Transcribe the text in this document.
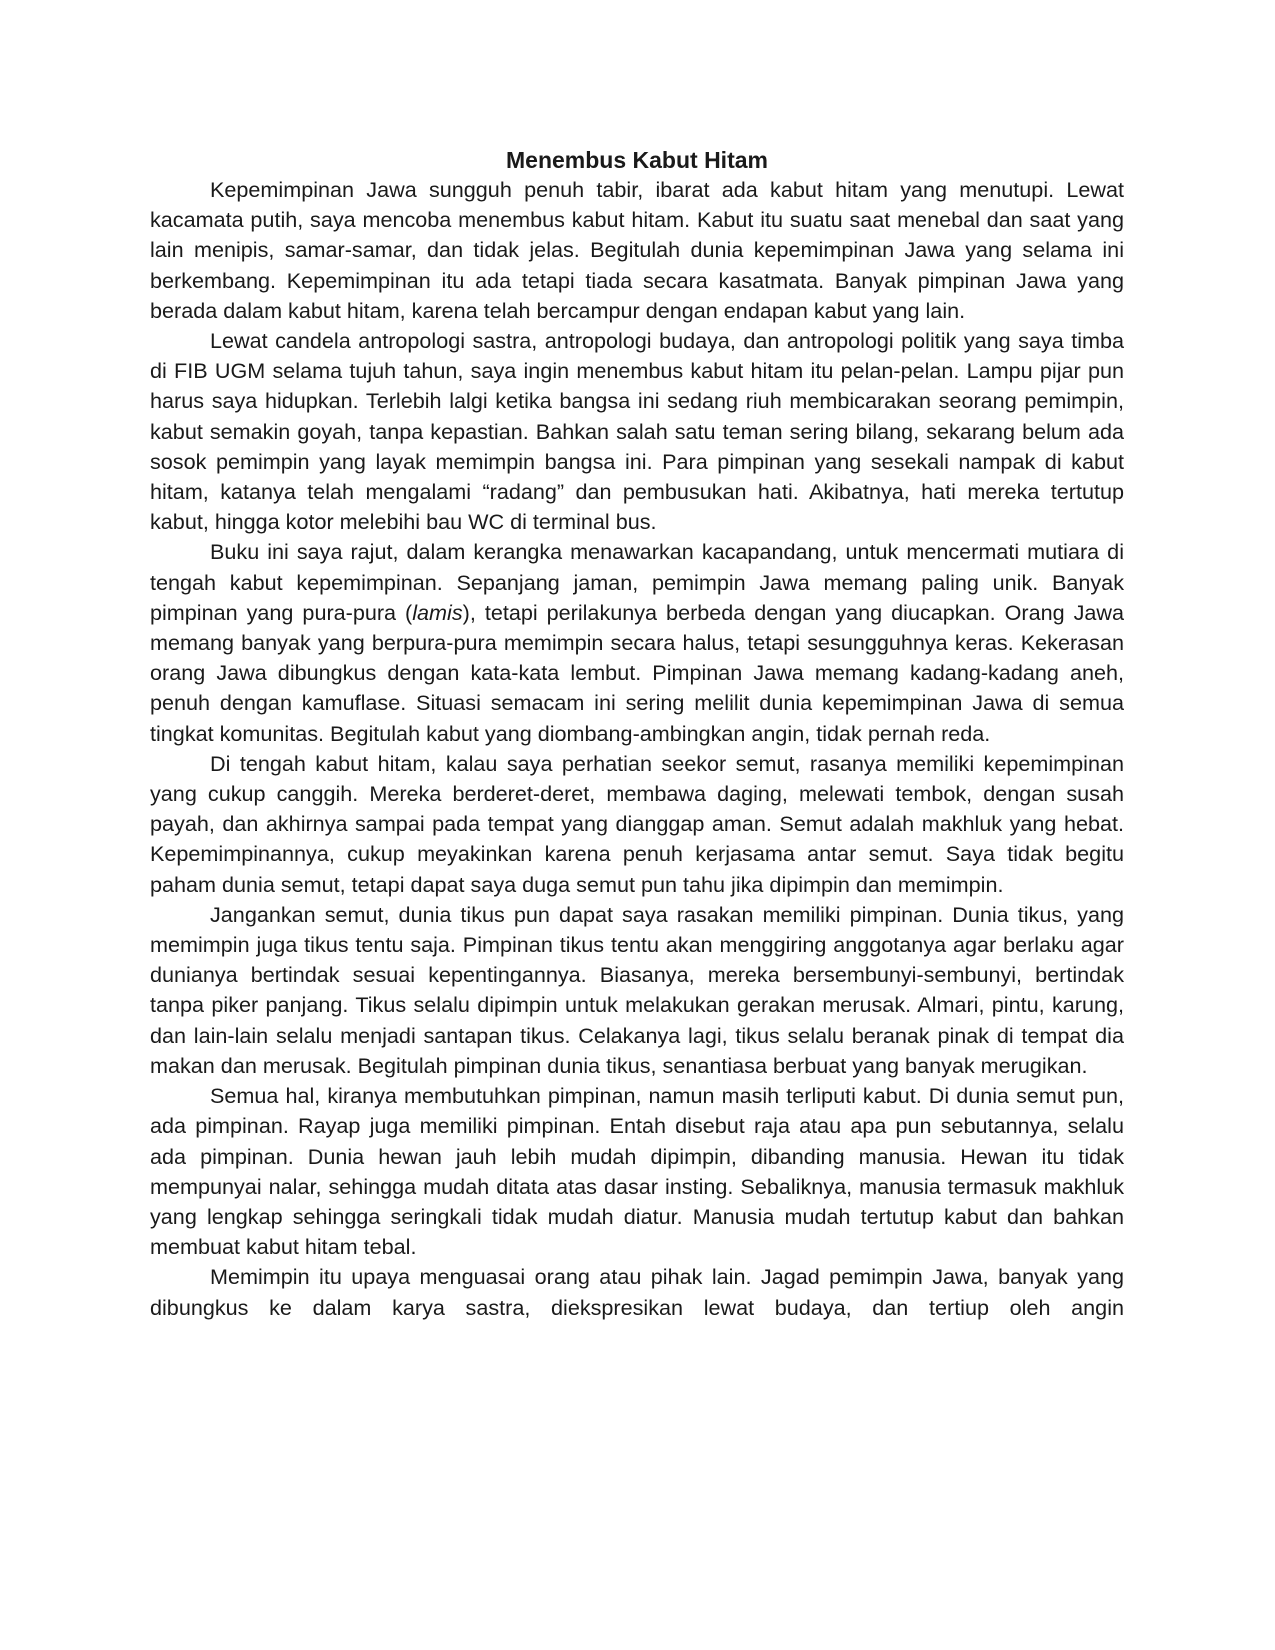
Menembus Kabut Hitam

Kepemimpinan Jawa sungguh penuh tabir, ibarat ada kabut hitam yang menutupi. Lewat kacamata putih, saya mencoba menembus kabut hitam. Kabut itu suatu saat menebal dan saat yang lain menipis, samar-samar, dan tidak jelas. Begitulah dunia kepemimpinan Jawa yang selama ini berkembang. Kepemimpinan itu ada tetapi tiada secara kasatmata. Banyak pimpinan Jawa yang berada dalam kabut hitam, karena telah bercampur dengan endapan kabut yang lain.

Lewat candela antropologi sastra, antropologi budaya, dan antropologi politik yang saya timba di FIB UGM selama tujuh tahun, saya ingin menembus kabut hitam itu pelan-pelan. Lampu pijar pun harus saya hidupkan. Terlebih lalgi ketika bangsa ini sedang riuh membicarakan seorang pemimpin, kabut semakin goyah, tanpa kepastian. Bahkan salah satu teman sering bilang, sekarang belum ada sosok pemimpin yang layak memimpin bangsa ini. Para pimpinan yang sesekali nampak di kabut hitam, katanya telah mengalami “radang” dan pembusukan hati. Akibatnya, hati mereka tertutup kabut, hingga kotor melebihi bau WC di terminal bus.

Buku ini saya rajut, dalam kerangka menawarkan kacapandang, untuk mencermati mutiara di tengah kabut kepemimpinan. Sepanjang jaman, pemimpin Jawa memang paling unik. Banyak pimpinan yang pura-pura (lamis), tetapi perilakunya berbeda dengan yang diucapkan. Orang Jawa memang banyak yang berpura-pura memimpin secara halus, tetapi sesungguhnya keras. Kekerasan orang Jawa dibungkus dengan kata-kata lembut. Pimpinan Jawa memang kadang-kadang aneh, penuh dengan kamuflase. Situasi semacam ini sering melilit dunia kepemimpinan Jawa di semua tingkat komunitas. Begitulah kabut yang diombang-ambingkan angin, tidak pernah reda.

Di tengah kabut hitam, kalau saya perhatian seekor semut, rasanya memiliki kepemimpinan yang cukup canggih. Mereka berderet-deret, membawa daging, melewati tembok, dengan susah payah, dan akhirnya sampai pada tempat yang dianggap aman. Semut adalah makhluk yang hebat. Kepemimpinannya, cukup meyakinkan karena penuh kerjasama antar semut. Saya tidak begitu paham dunia semut, tetapi dapat saya duga semut pun tahu jika dipimpin dan memimpin.

Jangankan semut, dunia tikus pun dapat saya rasakan memiliki pimpinan. Dunia tikus, yang memimpin juga tikus tentu saja. Pimpinan tikus tentu akan menggiring anggotanya agar berlaku agar dunianya bertindak sesuai kepentingannya. Biasanya, mereka bersembunyi-sembunyi, bertindak tanpa piker panjang. Tikus selalu dipimpin untuk melakukan gerakan merusak. Almari, pintu, karung, dan lain-lain selalu menjadi santapan tikus. Celakanya lagi, tikus selalu beranak pinak di tempat dia makan dan merusak. Begitulah pimpinan dunia tikus, senantiasa berbuat yang banyak merugikan.

Semua hal, kiranya membutuhkan pimpinan, namun masih terliputi kabut. Di dunia semut pun, ada pimpinan. Rayap juga memiliki pimpinan. Entah disebut raja atau apa pun sebutannya, selalu ada pimpinan. Dunia hewan jauh lebih mudah dipimpin, dibanding manusia. Hewan itu tidak mempunyai nalar, sehingga mudah ditata atas dasar insting. Sebaliknya, manusia termasuk makhluk yang lengkap sehingga seringkali tidak mudah diatur. Manusia mudah tertutup kabut dan bahkan membuat kabut hitam tebal.

Memimpin itu upaya menguasai orang atau pihak lain. Jagad pemimpin Jawa, banyak yang dibungkus ke dalam karya sastra, diekspresikan lewat budaya, dan tertiup oleh angin
